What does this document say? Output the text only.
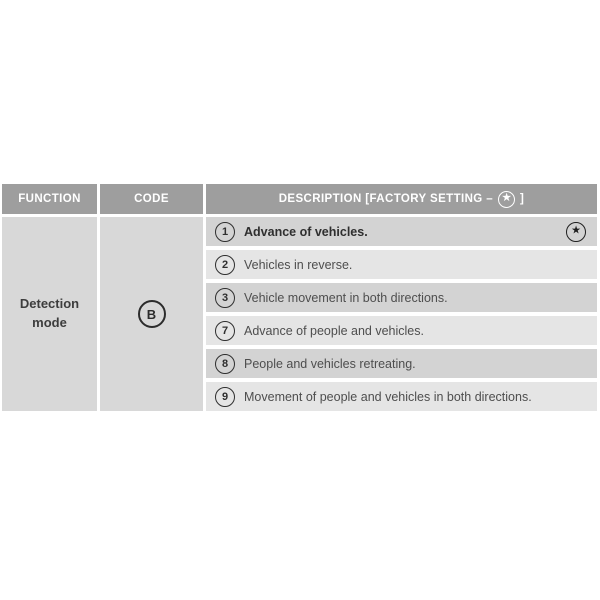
FUNCTION	CODE	DESCRIPTION [FACTORY SETTING – ★ ]
Detection mode
B
1 Advance of vehicles.	★
2 Vehicles in reverse.
3 Vehicle movement in both directions.
7 Advance of people and vehicles.
8 People and vehicles retreating.
9 Movement of people and vehicles in both directions.
